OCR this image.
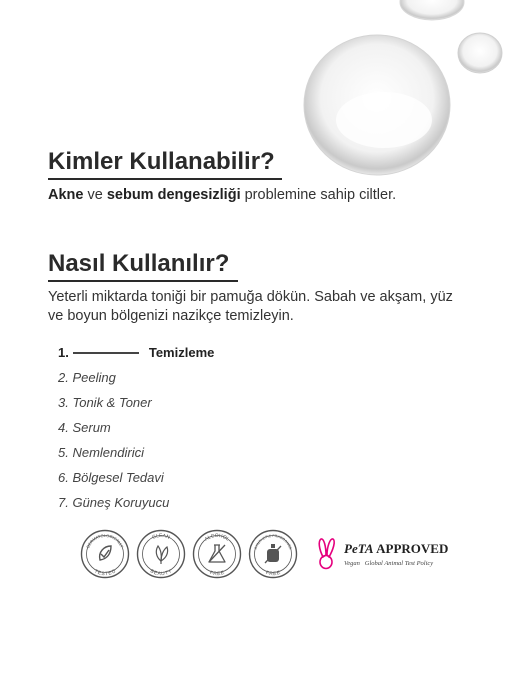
Kimler Kullanabilir?

Akne ve sebum dengesizliği problemine sahip ciltler.

Nasıl Kullanılır?

Yeterli miktarda toniği bir pamuğa dökün. Sabah ve akşam, yüz ve boyun bölgenizi nazikçe temizleyin.

1.	Temizleme
2.
Peeling
3.
Tonik & Toner
4.
Serum
5.
Nemlendirici
6.
Bölgesel Tedavi
7.
Güneş Koruyucu
DERMATOLOGICALLY
TESTED
CLEAN
BEAUTY
ALCOHOL
FREE
SYNTHETIC FRAGRANCE
FREE
PeTA APPROVED
Vegan   Global Animal Test Policy
